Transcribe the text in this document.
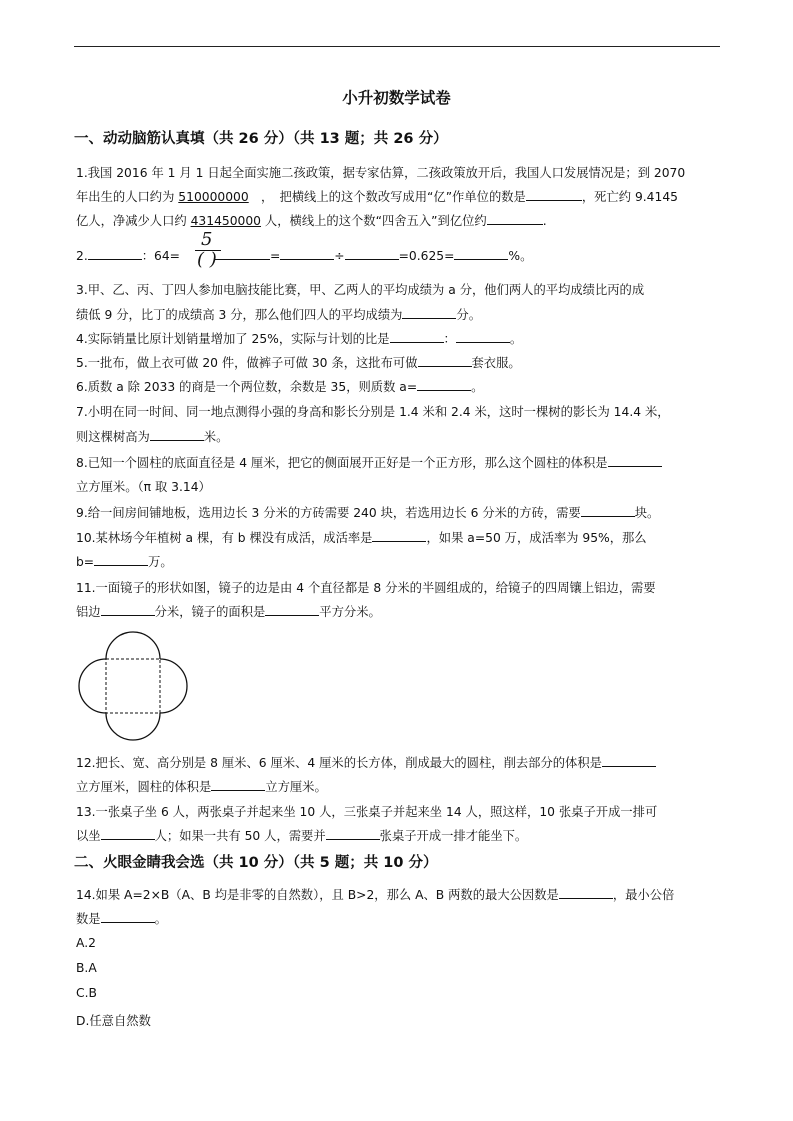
小升初数学试卷
一、动动脑筋认真填（共 26 分）（共 13 题；共 26 分）
1.我国 2016 年 1 月 1 日起全面实施二孩政策，据专家估算，二孩政策放开后，我国人口发展情况是；到 2070
年出生的人口约为 510000000　，　把横线上的这个数改写成用“亿”作单位的数是	，死亡约 9.4145
亿人，净减少人口约 431450000 人，横线上的这个数“四舍五入”到亿位约	.
2.	：64=	=	÷	=0.625=	%。
5
( )
3.甲、乙、丙、丁四人参加电脑技能比赛，甲、乙两人的平均成绩为 a 分，他们两人的平均成绩比丙的成
绩低 9 分，比丁的成绩高 3 分，那么他们四人的平均成绩为	分。
4.实际销量比原计划销量增加了 25%，实际与计划的比是	：	。
5.一批布，做上衣可做 20 件，做裤子可做 30 条，这批布可做	套衣服。
6.质数 a 除 2033 的商是一个两位数，余数是 35，则质数 a=	。
7.小明在同一时间、同一地点测得小强的身高和影长分别是 1.4 米和 2.4 米，这时一棵树的影长为 14.4 米，
则这棵树高为	米。
8.已知一个圆柱的底面直径是 4 厘米，把它的侧面展开正好是一个正方形，那么这个圆柱的体积是
立方厘米。（π 取 3.14）
9.给一间房间铺地板，选用边长 3 分米的方砖需要 240 块，若选用边长 6 分米的方砖，需要	块。
10.某林场今年植树 a 棵，有 b 棵没有成活，成活率是	，如果 a=50 万，成活率为 95%，那么
b=	万。
11.一面镜子的形状如图，镜子的边是由 4 个直径都是 8 分米的半圆组成的，给镜子的四周镶上铝边，需要
铝边	分米，镜子的面积是	平方分米。
12.把长、宽、高分别是 8 厘米、6 厘米、4 厘米的长方体，削成最大的圆柱，削去部分的体积是
立方厘米，圆柱的体积是	立方厘米。
13.一张桌子坐 6 人，两张桌子并起来坐 10 人，三张桌子并起来坐 14 人，照这样，10 张桌子开成一排可
以坐	人；如果一共有 50 人，需要并	张桌子开成一排才能坐下。
二、火眼金睛我会选（共 10 分）（共 5 题；共 10 分）
14.如果 A=2×B（A、B 均是非零的自然数），且 B>2，那么 A、B 两数的最大公因数是	，最小公倍
数是	。
A.2
B.A
C.B
D.任意自然数
